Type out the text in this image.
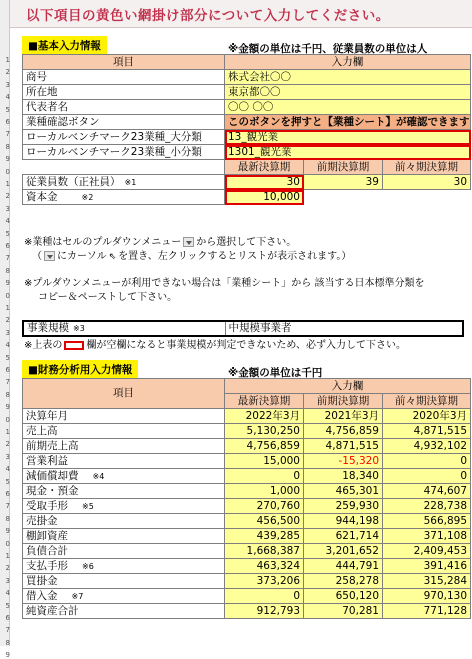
1
2
3
4
5
6
7
8
9
0
1
2
3
4
5
6
7
8
9
0
1
2
3
4
5
6
7
8
9
0
1
2
3
4
5
6
7
8
9
0
1
2
3
4
5
6
7
8
9
以下項目の黄色い網掛け部分について入力してください。
■基本入力情報	※金額の単位は千円、従業員数の単位は人
項目	入力欄		
商号	株式会社〇〇		
所在地	東京都〇〇		
代表者名	〇〇 〇〇		
業種確認ボタン	このボタンを押すと【業種シート】が確認できます		
ローカルベンチマーク23業種_大分類	13_観光業		
ローカルベンチマーク23業種_小分類	1301_観光業		
	最新決算期	前期決算期	前々期決算期
従業員数（正社員） ※1	30	39	30
資本金 ※2	10,000		
※業種はセルのプルダウンメニュー から選択して下さい。
（ にカーソル ⇖ を置き、左クリックするとリストが表示されます。）
※プルダウンメニューが利用できない場合は「業種シート」から 該当する日本標準分類を
コピー＆ペーストして下さい。
事業規模 ※3	中規模事業者
※上表の 欄が空欄になると事業規模が判定できないため、必ず入力して下さい。
■財務分析用入力情報	※金額の単位は千円
項目	入力欄		
	最新決算期	前期決算期	前々期決算期
決算年月	2022年3月	2021年3月	2020年3月
売上高	5,130,250	4,756,859	4,871,515
前期売上高	4,756,859	4,871,515	4,932,102
営業利益	15,000	-15,320	0
減価償却費 ※4	0	18,340	0
現金・預金	1,000	465,301	474,607
受取手形 ※5	270,760	259,930	228,738
売掛金	456,500	944,198	566,895
棚卸資産	439,285	621,714	371,108
負債合計	1,668,387	3,201,652	2,409,453
支払手形 ※6	463,324	444,791	391,416
買掛金	373,206	258,278	315,284
借入金 ※7	0	650,120	970,130
純資産合計	912,793	70,281	771,128
